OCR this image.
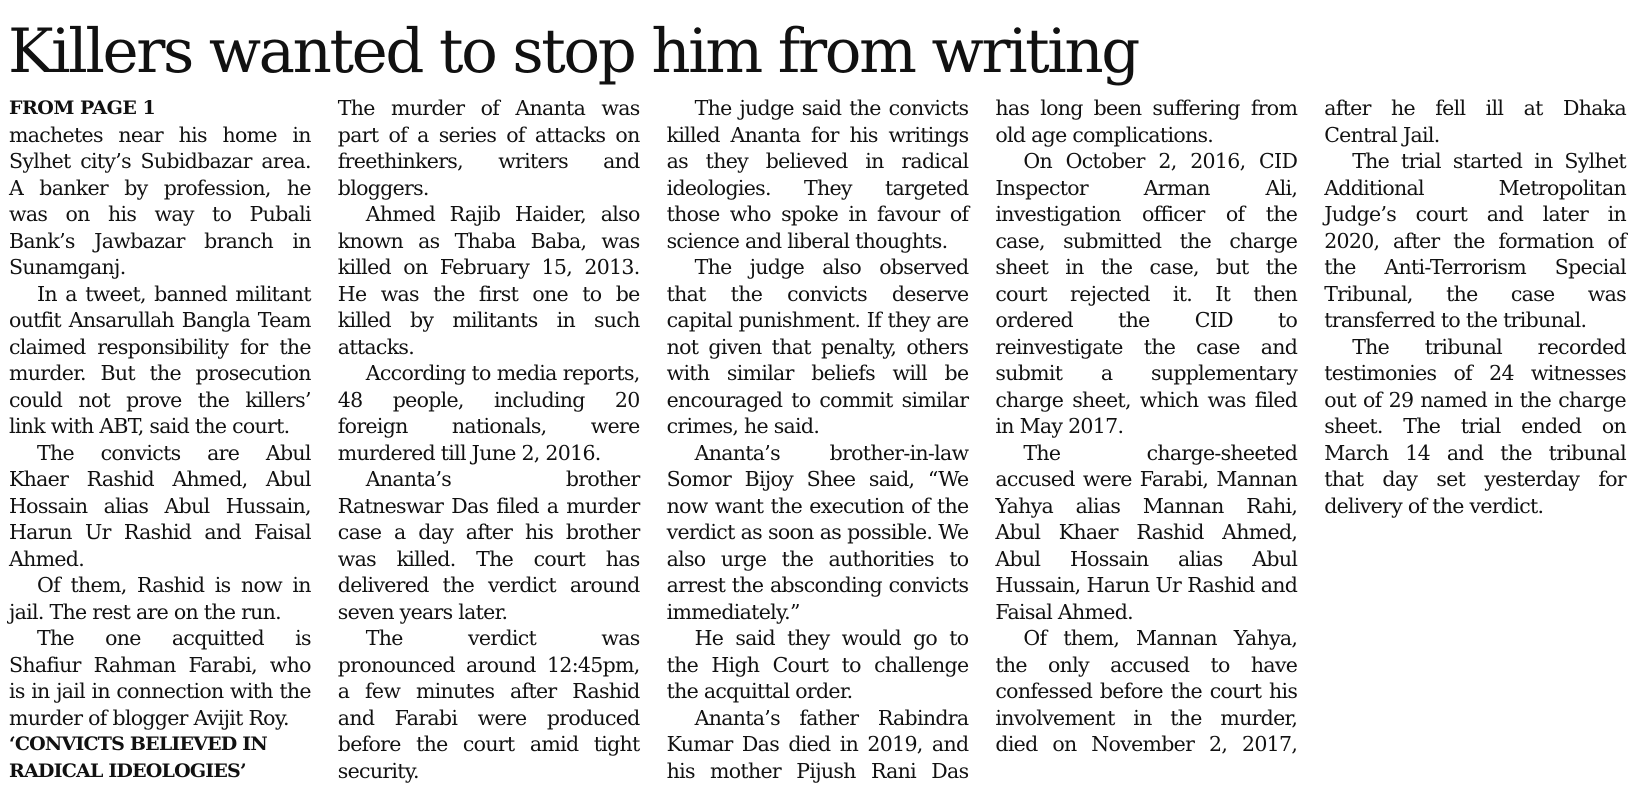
Killers wanted to stop him from writing
FROM PAGE 1

machetes near his home in Sylhet city’s Subidbazar area. A banker by profession, he was on his way to Pubali Bank’s Jawbazar branch in Sunamganj.

In a tweet, banned militant outfit Ansarullah Bangla Team claimed responsibility for the murder. But the prosecution could not prove the killers’ link with ABT, said the court.

The convicts are Abul Khaer Rashid Ahmed, Abul Hossain alias Abul Hussain, Harun Ur Rashid and Faisal Ahmed.

Of them, Rashid is now in jail. The rest are on the run.

The one acquitted is Shafiur Rahman Farabi, who is in jail in connection with the murder of blogger Avijit Roy.

‘CONVICTS BELIEVED IN RADICAL IDEOLOGIES’

The murder of Ananta was part of a series of attacks on freethinkers, writers and bloggers.

Ahmed Rajib Haider, also known as Thaba Baba, was killed on February 15, 2013. He was the first one to be killed by militants in such attacks.

According to media reports, 48 people, including 20 foreign nationals, were murdered till June 2, 2016.

Ananta’s brother Ratneswar Das filed a murder case a day after his brother was killed. The court has delivered the verdict around seven years later.

The verdict was pronounced around 12:45pm, a few minutes after Rashid and Farabi were produced before the court amid tight security.

The judge said the convicts killed Ananta for his writings as they believed in radical ideologies. They targeted those who spoke in favour of science and liberal thoughts.

The judge also observed that the convicts deserve capital punishment. If they are not given that penalty, others with similar beliefs will be encouraged to commit similar crimes, he said.

Ananta’s brother-in-law Somor Bijoy Shee said, “We now want the execution of the verdict as soon as possible. We also urge the authorities to arrest the absconding convicts immediately.”

He said they would go to the High Court to challenge the acquittal order.

Ananta’s father Rabindra Kumar Das died in 2019, and his mother Pijush Rani Das has long been suffering from old age complications.

On October 2, 2016, CID Inspector Arman Ali, investigation officer of the case, submitted the charge sheet in the case, but the court rejected it. It then ordered the CID to reinvestigate the case and submit a supplementary charge sheet, which was filed in May 2017.

The charge-sheeted accused were Farabi, Mannan Yahya alias Mannan Rahi, Abul Khaer Rashid Ahmed, Abul Hossain alias Abul Hussain, Harun Ur Rashid and Faisal Ahmed.

Of them, Mannan Yahya, the only accused to have confessed before the court his involvement in the murder, died on November 2, 2017, after he fell ill at Dhaka Central Jail.

The trial started in Sylhet Additional Metropolitan Judge’s court and later in 2020, after the formation of the Anti-Terrorism Special Tribunal, the case was transferred to the tribunal.

The tribunal recorded testimonies of 24 witnesses out of 29 named in the charge sheet. The trial ended on March 14 and the tribunal that day set yesterday for delivery of the verdict.
